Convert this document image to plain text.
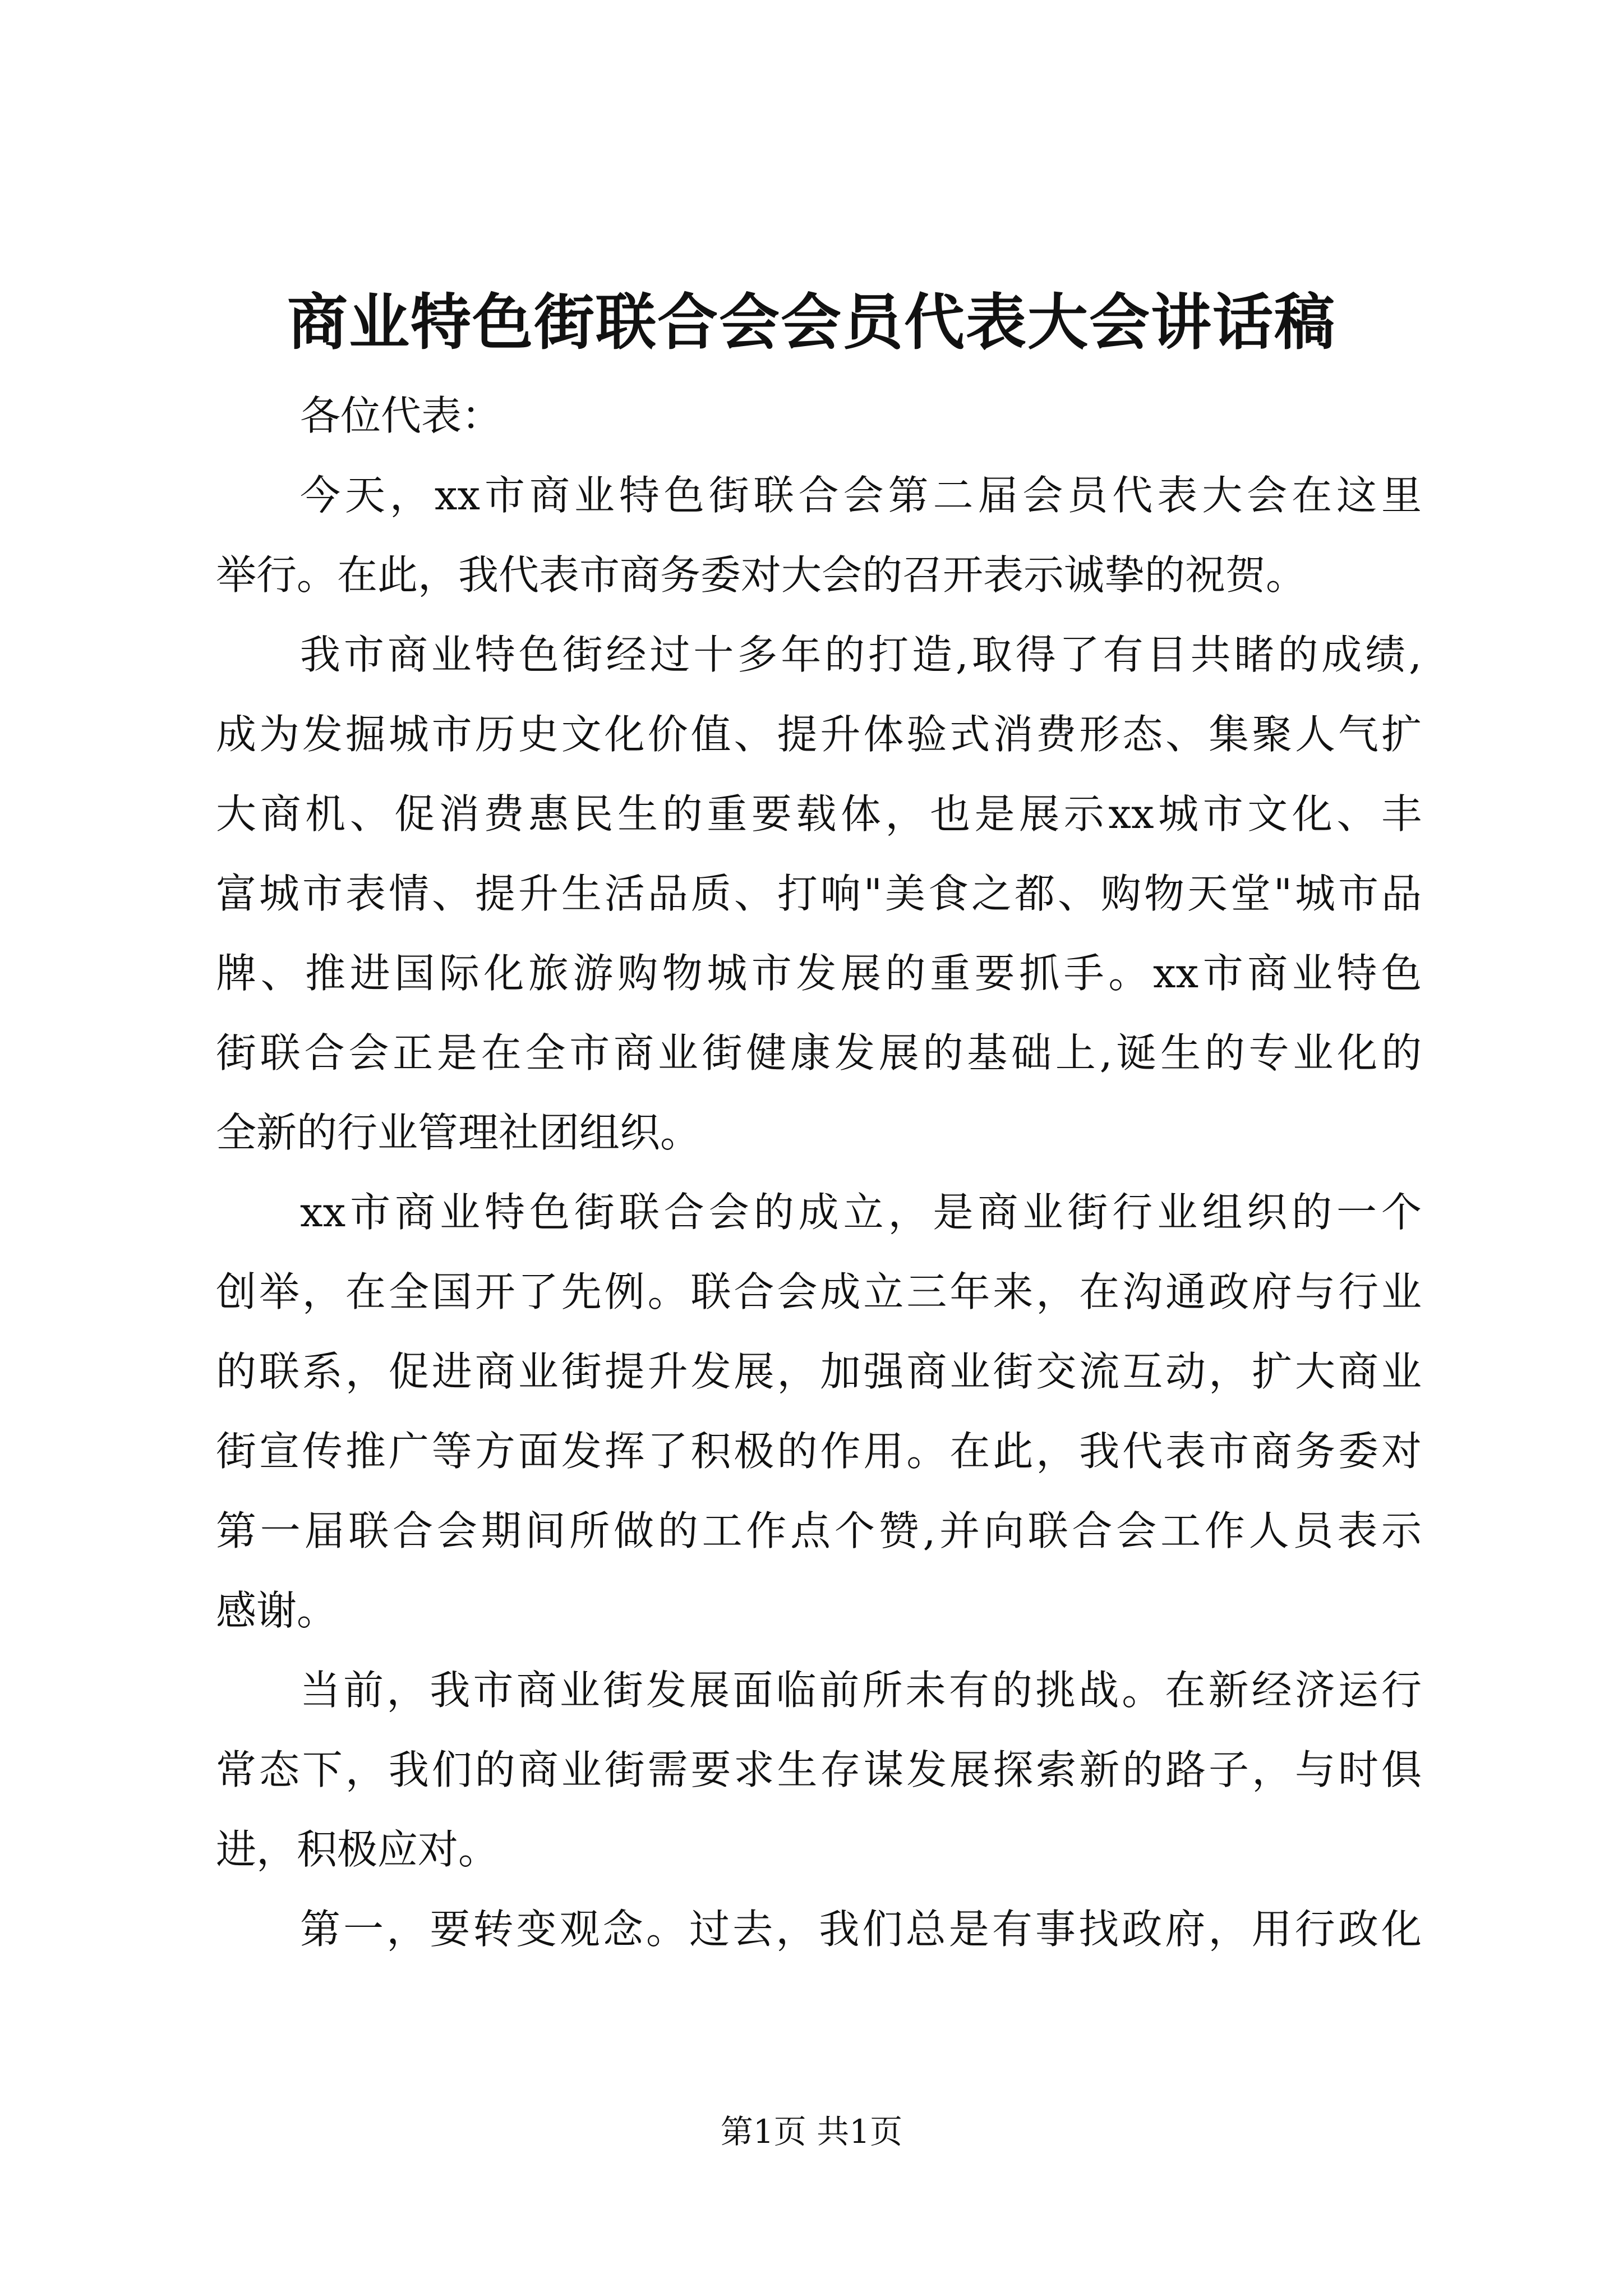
商业特色街联合会会员代表大会讲话稿
各位代表：
今天，xx市商业特色街联合会第二届会员代表大会在这里
举行。在此，我代表市商务委对大会的召开表示诚挚的祝贺。
我市商业特色街经过十多年的打造,取得了有目共睹的成绩,
成为发掘城市历史文化价值、提升体验式消费形态、集聚人气扩
大商机、促消费惠民生的重要载体，也是展示xx城市文化、丰
富城市表情、提升生活品质、打响"美食之都、购物天堂"城市品
牌、推进国际化旅游购物城市发展的重要抓手。xx市商业特色
街联合会正是在全市商业街健康发展的基础上,诞生的专业化的
全新的行业管理社团组织。
xx市商业特色街联合会的成立，是商业街行业组织的一个
创举，在全国开了先例。联合会成立三年来，在沟通政府与行业
的联系，促进商业街提升发展，加强商业街交流互动，扩大商业
街宣传推广等方面发挥了积极的作用。在此，我代表市商务委对
第一届联合会期间所做的工作点个赞,并向联合会工作人员表示
感谢。
当前，我市商业街发展面临前所未有的挑战。在新经济运行
常态下，我们的商业街需要求生存谋发展探索新的路子，与时俱
进，积极应对。
第一，要转变观念。过去，我们总是有事找政府，用行政化
第1页 共1页
